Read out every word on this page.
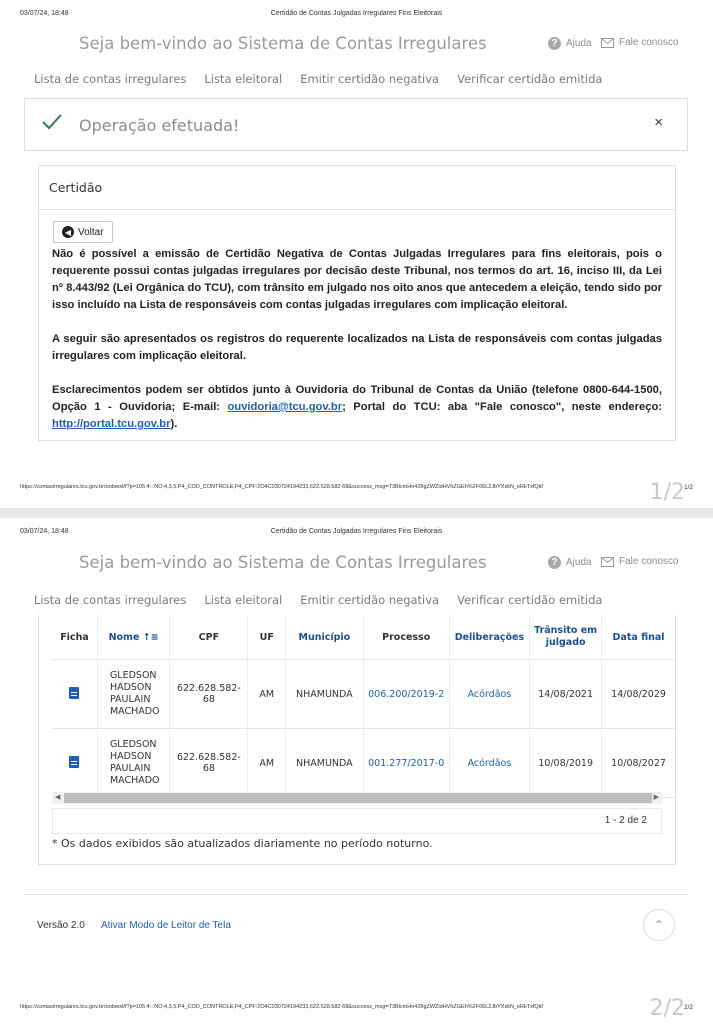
03/07/24, 18:48	Certidão de Contas Julgadas Irregulares Fins Eleitorais
Seja bem-vindo ao Sistema de Contas Irregulares	? Ajuda	Fale conosco
Lista de contas irregulares Lista eleitoral Emitir certidão negativa Verificar certidão emitida
Operação efetuada!	×
Certidão
◀ Voltar

Não é possível a emissão de Certidão Negativa de Contas Julgadas Irregulares para fins eleitorais, pois o requerente possui contas julgadas irregulares por decisão deste Tribunal, nos termos do art. 16, inciso III, da Lei nº 8.443/92 (Lei Orgânica do TCU), com trânsito em julgado nos oito anos que antecedem a eleição, tendo sido por isso incluído na Lista de responsáveis com contas julgadas irregulares com implicação eleitoral.

A seguir são apresentados os registros do requerente localizados na Lista de responsáveis com contas julgadas irregulares com implicação eleitoral.

Esclarecimentos podem ser obtidos junto à Ouvidoria do Tribunal de Contas da União (telefone 0800-644-1500, Opção 1 - Ouvidoria; E-mail: ouvidoria@tcu.gov.br; Portal do TCU: aba "Fale conosco", neste endereço: http://portal.tcu.gov.br).

1/2
https://contasirregulares.tcu.gov.br/ordsext/f?p=105:4:::NO:4,3,5:P4_COD_CONTROLE,P4_CPF:2O4C030724194233,622.628.582-68&success_msg=T3BlcmHn428gZWZldHVhZGEh%2F06L2JbYXskN_eRkTxfQkf	1/2
03/07/24, 18:48	Certidão de Contas Julgadas Irregulares Fins Eleitorais
Seja bem-vindo ao Sistema de Contas Irregulares	? Ajuda	Fale conosco
Lista de contas irregulares Lista eleitoral Emitir certidão negativa Verificar certidão emitida
Ficha	Nome ↑≡	CPF	UF	Município	Processo	Deliberações	Trânsito em julgado	Data final
	GLEDSON HADSON PAULAIN MACHADO	622.628.582-68	AM	NHAMUNDA	006.200/2019-2	Acórdãos	14/08/2021	14/08/2029
	GLEDSON HADSON PAULAIN MACHADO	622.628.582-68	AM	NHAMUNDA	001.277/2017-0	Acórdãos	10/08/2019	10/08/2027
◀	▶
1 - 2 de 2
* Os dados exibidos são atualizados diariamente no período noturno.
Versão 2.0 Ativar Modo de Leitor de Tela	⌃
2/2
https://contasirregulares.tcu.gov.br/ordsext/f?p=105:4:::NO:4,3,5:P4_COD_CONTROLE,P4_CPF:2O4C030724194233,622.628.582-68&success_msg=T3BlcmHn428gZWZldHVhZGEh%2F06L2JbYXskN_eRkTxfQkf	2/2
